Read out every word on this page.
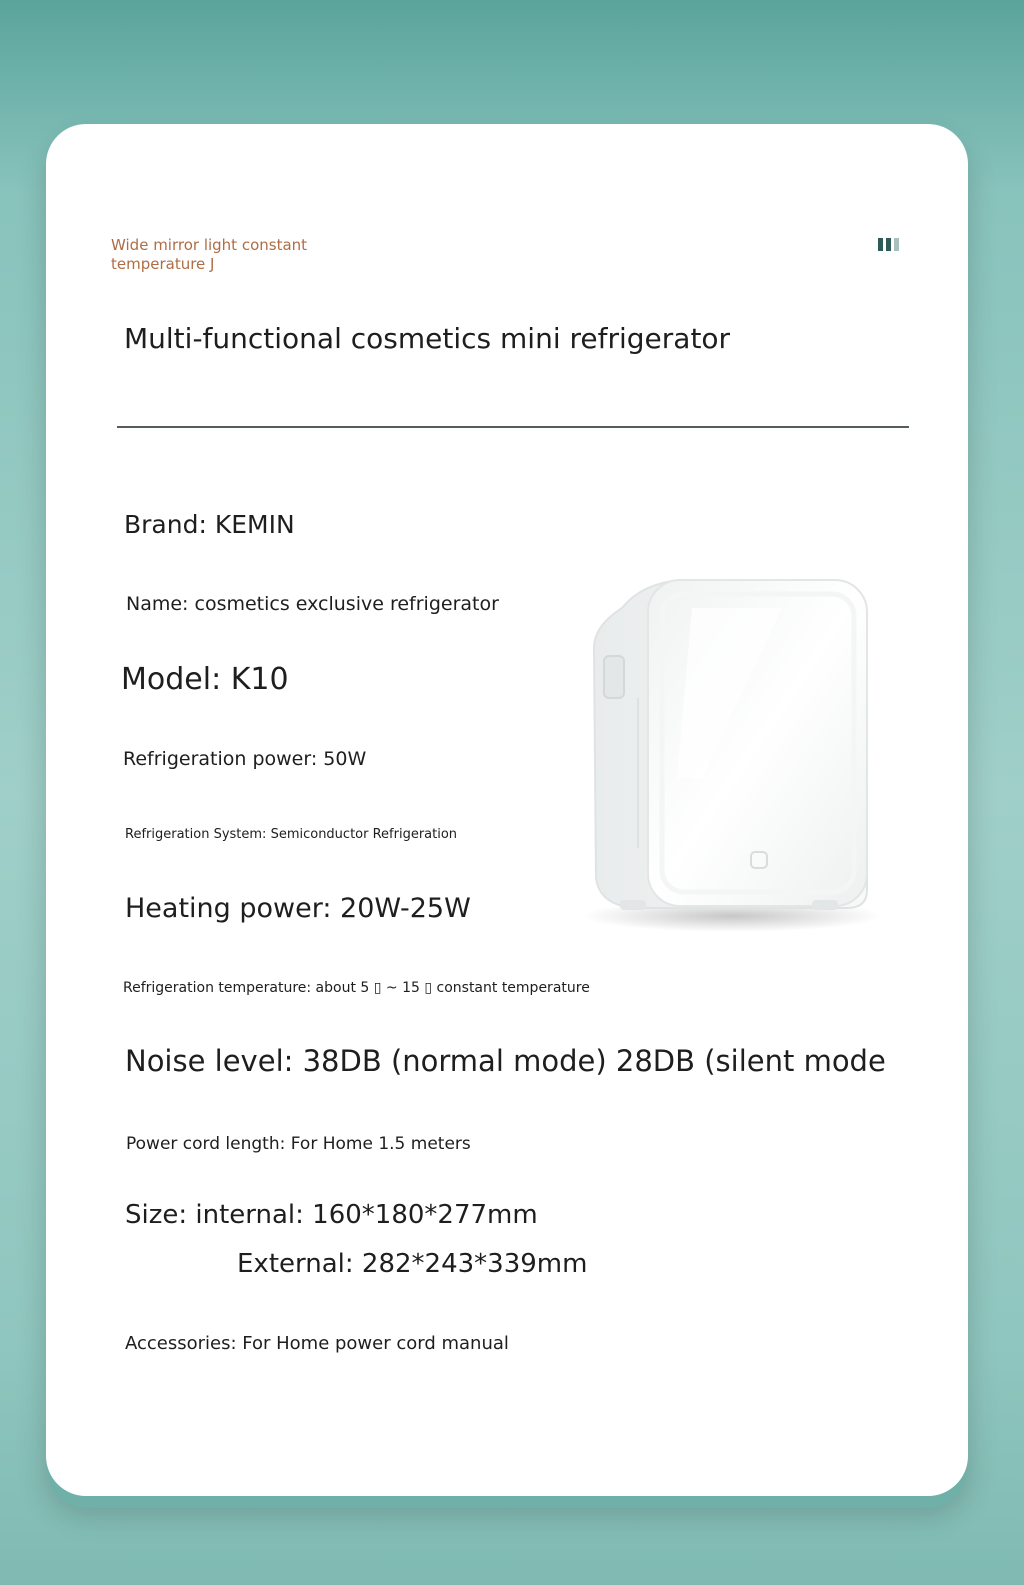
Wide mirror light constant temperature J
Multi-functional cosmetics mini refrigerator
Brand: KEMIN
Name: cosmetics exclusive refrigerator
Model: K10
Refrigeration power: 50W
Refrigeration System: Semiconductor Refrigeration
Heating power: 20W-25W
Refrigeration temperature: about 5 ▯ ~ 15 ▯ constant temperature
Noise level: 38DB (normal mode) 28DB (silent mode
Power cord length: For Home 1.5 meters
Size: internal: 160*180*277mm
External: 282*243*339mm
Accessories: For Home power cord manual
